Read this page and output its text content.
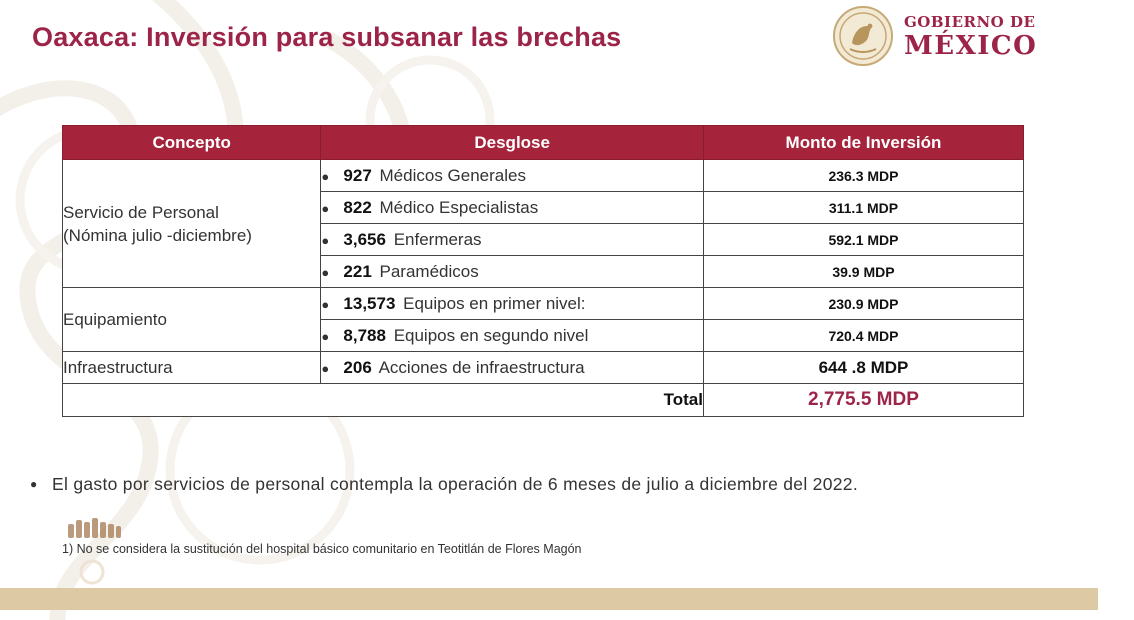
Oaxaca: Inversión para subsanar las brechas	GOBIERNO DE
MÉXICO
Concepto	Desglose	Monto de Inversión
Servicio de Personal
(Nómina julio -diciembre)	● 927 Médicos Generales	236.3 MDP
	● 822 Médico Especialistas	311.1 MDP
	● 3,656 Enfermeras	592.1 MDP
	● 221 Paramédicos	39.9 MDP
Equipamiento	● 13,573 Equipos en primer nivel:	230.9 MDP
	● 8,788 Equipos en segundo nivel	720.4 MDP
Infraestructura	● 206 Acciones de infraestructura	644 .8 MDP
Total		2,775.5 MDP
● El gasto por servicios de personal contempla la operación de 6 meses de julio a diciembre del 2022.
1) No se considera la sustitución del hospital básico comunitario en Teotitlán de Flores Magón
